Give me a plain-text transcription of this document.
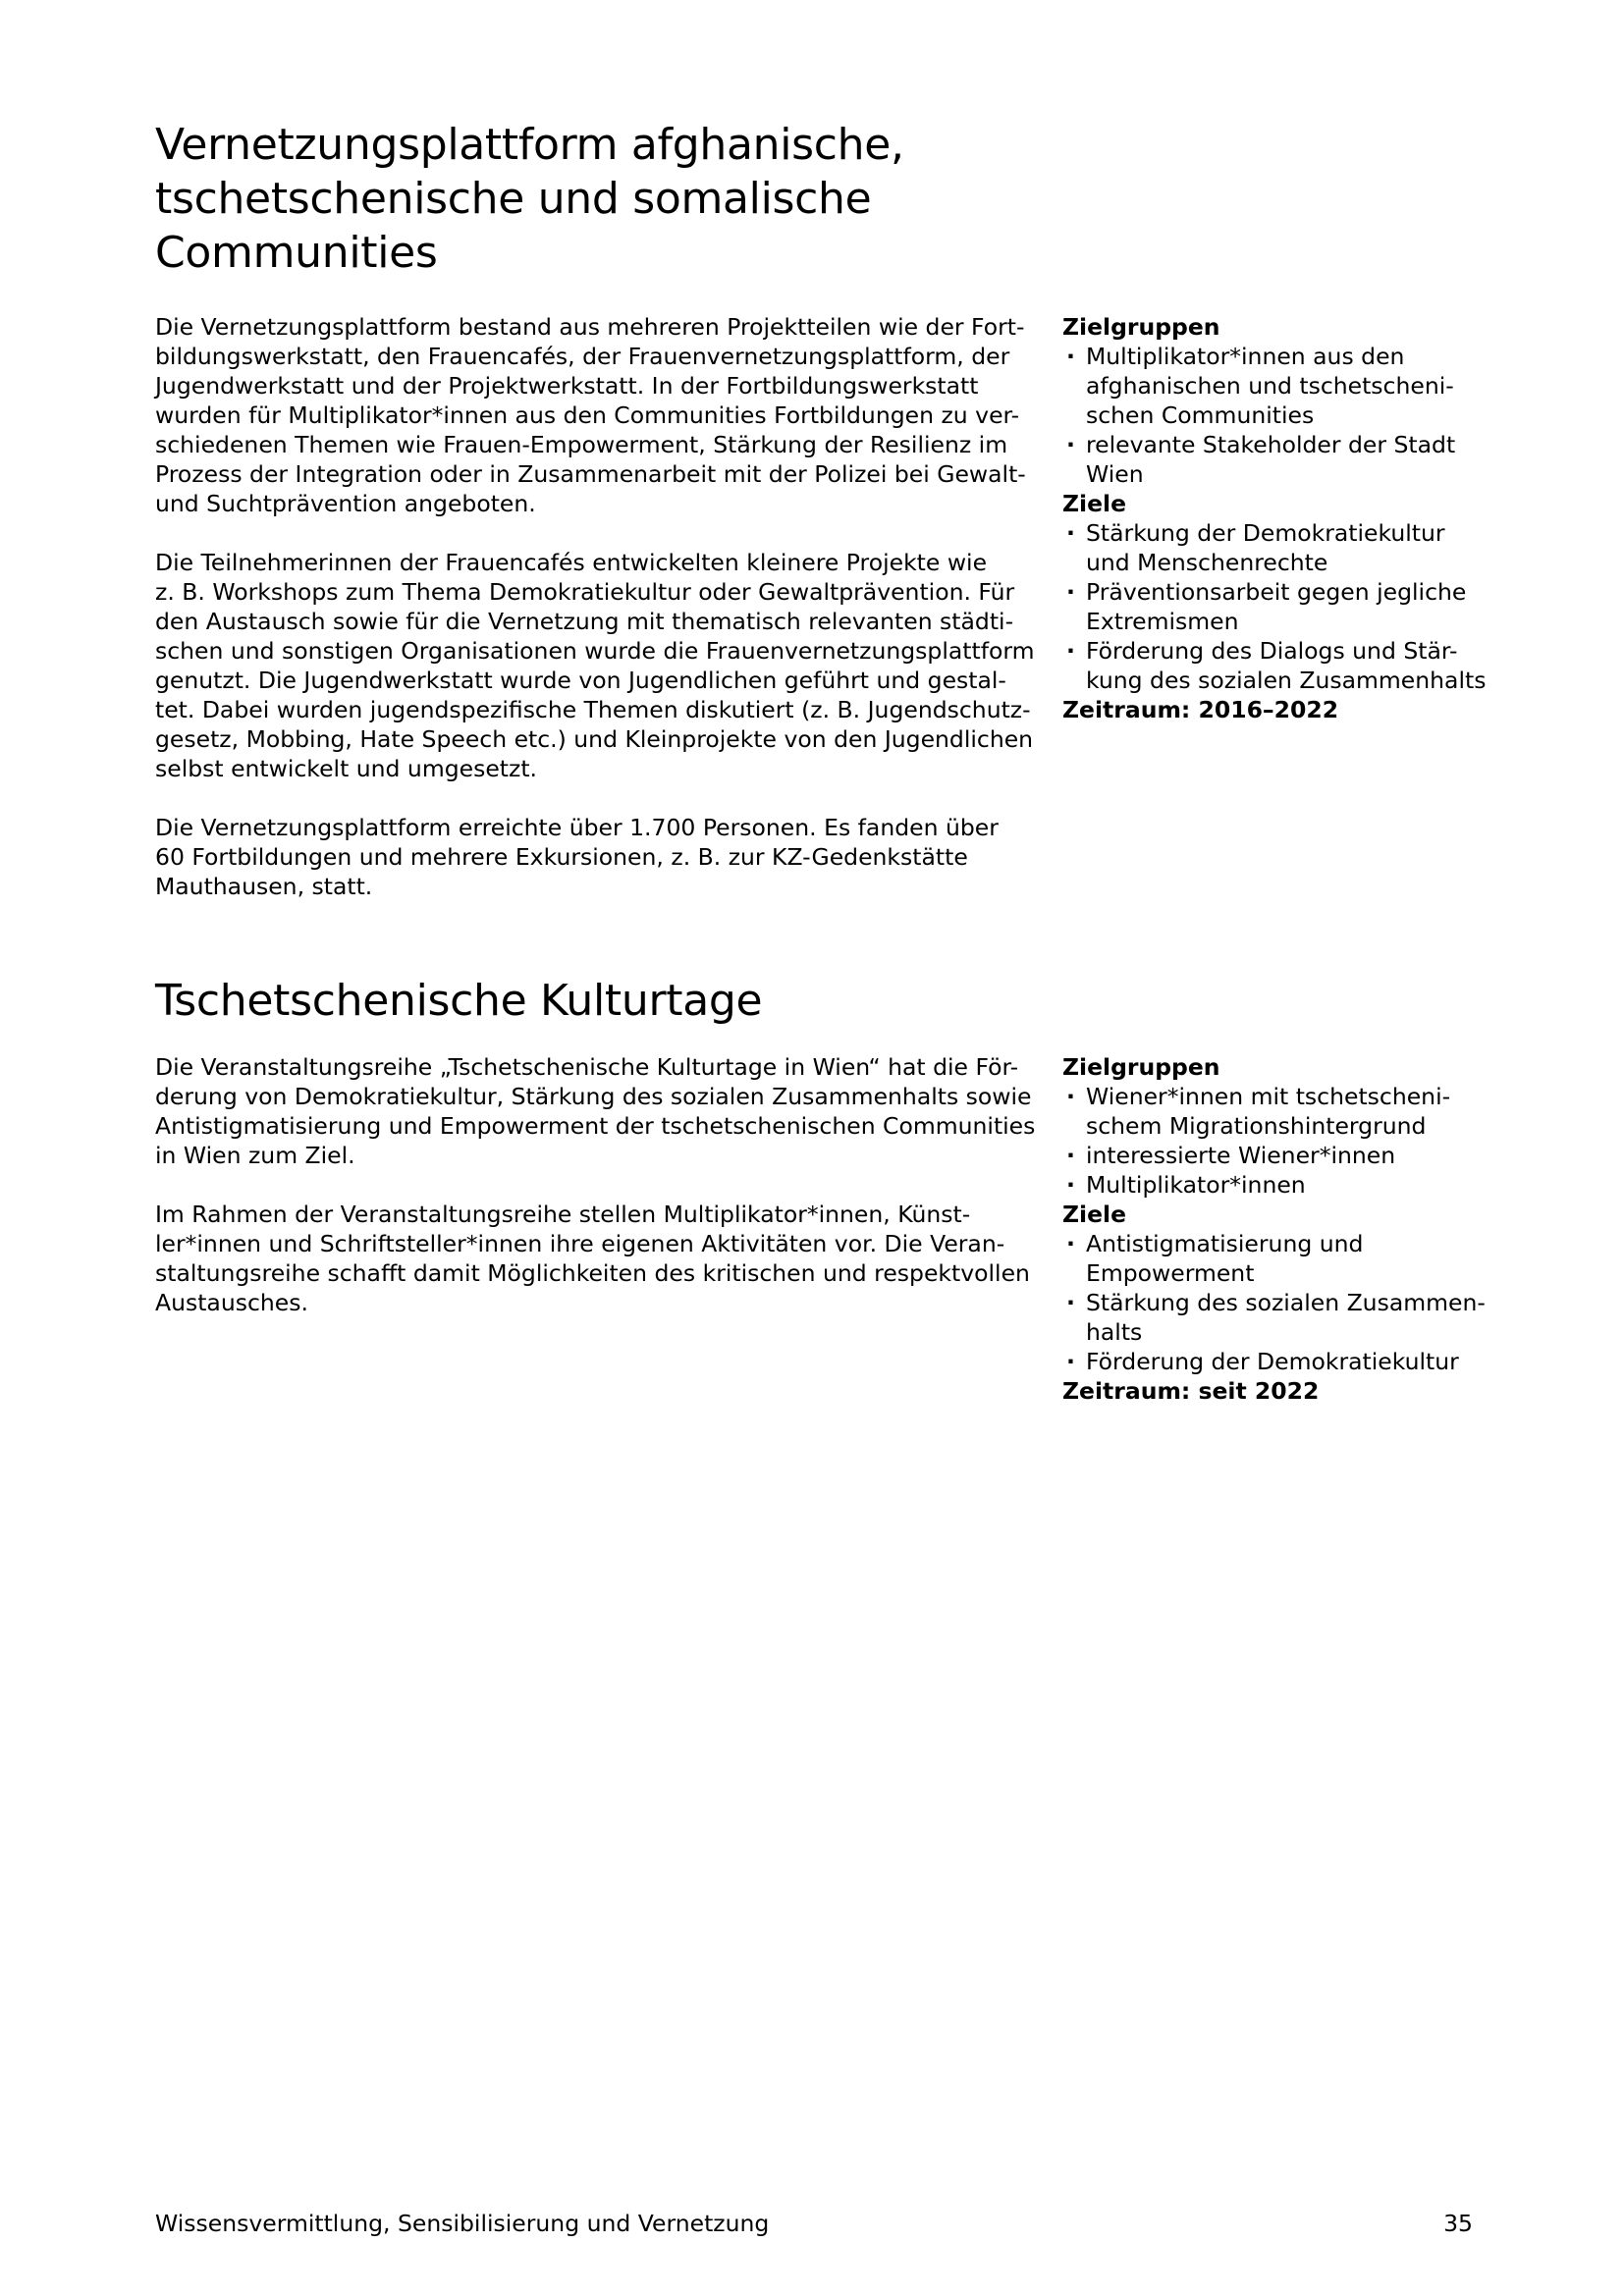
Vernetzungsplattform afghanische,
tschetschenische und somalische
Communities

Die Vernetzungsplattform bestand aus mehreren Projektteilen wie der Fort-
bildungswerkstatt, den Frauencafés, der Frauenvernetzungsplattform, der
Jugendwerkstatt und der Projektwerkstatt. In der Fortbildungswerkstatt
wurden für Multiplikator*innen aus den Communities Fortbildungen zu ver-
schiedenen Themen wie Frauen-Empowerment, Stärkung der Resilienz im
Prozess der Integration oder in Zusammenarbeit mit der Polizei bei Gewalt-
und Suchtprävention angeboten.

Die Teilnehmerinnen der Frauencafés entwickelten kleinere Projekte wie
z. B. Workshops zum Thema Demokratiekultur oder Gewaltprävention. Für
den Austausch sowie für die Vernetzung mit thematisch relevanten städti-
schen und sonstigen Organisationen wurde die Frauenvernetzungsplattform
genutzt. Die Jugendwerkstatt wurde von Jugendlichen geführt und gestal-
tet. Dabei wurden jugendspezifische Themen diskutiert (z. B. Jugendschutz-
gesetz, Mobbing, Hate Speech etc.) und Kleinprojekte von den Jugendlichen
selbst entwickelt und umgesetzt.

Die Vernetzungsplattform erreichte über 1.700 Personen. Es fanden über
60 Fortbildungen und mehrere Exkursionen, z. B. zur KZ-Gedenkstätte
Mauthausen, statt.

Zielgruppen

· Multiplikator*innen aus den
afghanischen und tschetscheni-
schen Communities
· relevante Stakeholder der Stadt
Wien

Ziele

· Stärkung der Demokratiekultur
und Menschenrechte
· Präventionsarbeit gegen jegliche
Extremismen
· Förderung des Dialogs und Stär-
kung des sozialen Zusammenhalts

Zeitraum: 2016–2022

Tschetschenische Kulturtage

Die Veranstaltungsreihe „Tschetschenische Kulturtage in Wien“ hat die För-
derung von Demokratiekultur, Stärkung des sozialen Zusammenhalts sowie
Antistigmatisierung und Empowerment der tschetschenischen Communities
in Wien zum Ziel.

Im Rahmen der Veranstaltungsreihe stellen Multiplikator*innen, Künst-
ler*innen und Schriftsteller*innen ihre eigenen Aktivitäten vor. Die Veran-
staltungsreihe schafft damit Möglichkeiten des kritischen und respektvollen
Austausches.

Zielgruppen

· Wiener*innen mit tschetscheni-
schem Migrationshintergrund
· interessierte Wiener*innen
· Multiplikator*innen

Ziele

· Antistigmatisierung und
Empowerment
· Stärkung des sozialen Zusammen-
halts
· Förderung der Demokratiekultur

Zeitraum: seit 2022

Wissensvermittlung, Sensibilisierung und Vernetzung	35
